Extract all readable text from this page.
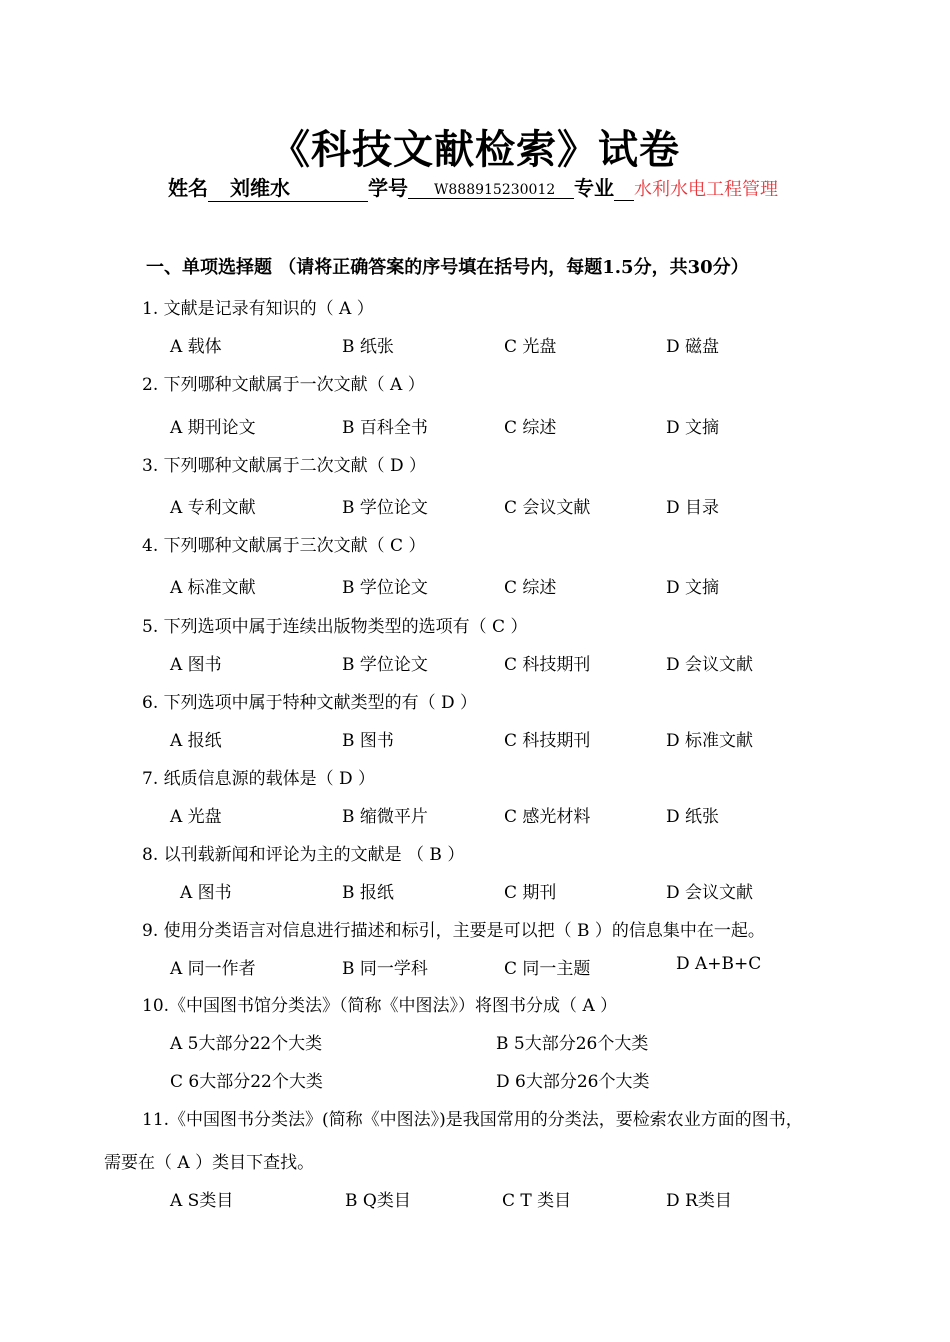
《科技文献检索》试卷
姓名 刘维水	学号 W888915230012 专业 水利水电工程管理
一、单项选择题 （请将正确答案的序号填在括号内，每题1.5分，共30分）
1. 文献是记录有知识的（ A ）
A 载体	B 纸张	C 光盘	D 磁盘
2. 下列哪种文献属于一次文献（ A ）
A 期刊论文	B 百科全书	C 综述	D 文摘
3. 下列哪种文献属于二次文献（ D ）
A 专利文献	B 学位论文	C 会议文献	D 目录
4. 下列哪种文献属于三次文献（ C ）
A 标准文献	B 学位论文	C 综述	D 文摘
5. 下列选项中属于连续出版物类型的选项有（ C ）
A 图书	B 学位论文	C 科技期刊	D 会议文献
6. 下列选项中属于特种文献类型的有（ D ）
A 报纸	B 图书	C 科技期刊	D 标准文献
7. 纸质信息源的载体是（ D ）
A 光盘	B 缩微平片	C 感光材料	D 纸张
8. 以刊载新闻和评论为主的文献是 （ B ）
A 图书	B 报纸	C 期刊	D 会议文献
9. 使用分类语言对信息进行描述和标引，主要是可以把（ B ）的信息集中在一起。
A 同一作者	B 同一学科	C 同一主题	D A+B+C
10.《中国图书馆分类法》（简称《中图法》）将图书分成（ A ）
A 5大部分22个大类	B 5大部分26个大类
C 6大部分22个大类	D 6大部分26个大类
11.《中国图书分类法》(简称《中图法》)是我国常用的分类法，要检索农业方面的图书，
需要在（ A ）类目下查找。
A S类目	B Q类目	C T 类目	D R类目
